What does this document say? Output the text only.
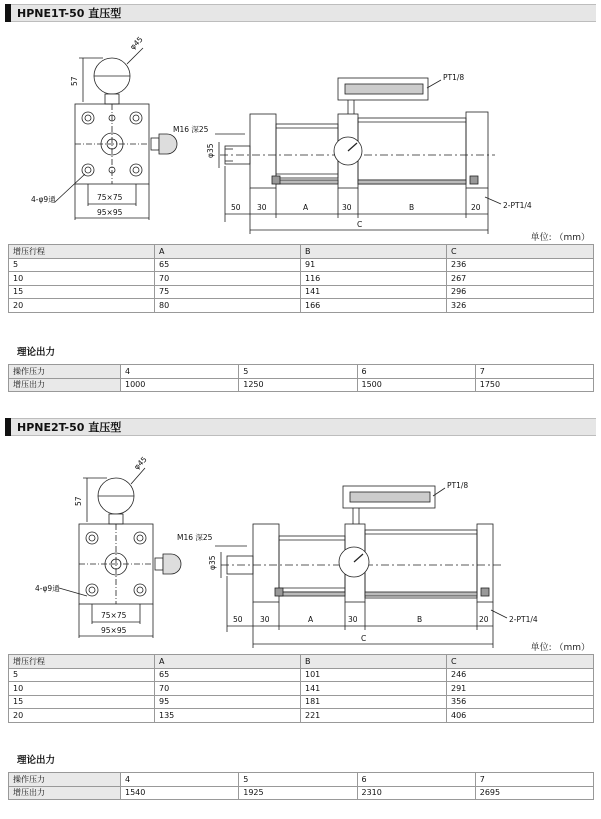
HPNE1T-50 直压型
φ45
57
75×75
95×95
4-φ9通
M16 深25
φ35
PT1/8
2-PT1/4
50 30	A	30	B	20
C
单位: （mm）
增压行程	A	B	C
5	65	91	236
10	70	116	267
15	75	141	296
20	80	166	326
理论出力
操作压力	4	5	6	7
增压出力	1000	1250	1500	1750
HPNE2T-50 直压型
φ45
57
75×75
95×95
4-φ9通
M16 深25
φ35
PT1/8
2-PT1/4
50 30	A	30	B	20
C
单位: （mm）
增压行程	A	B	C
5	65	101	246
10	70	141	291
15	95	181	356
20	135	221	406
理论出力
操作压力	4	5	6	7
增压出力	1540	1925	2310	2695
